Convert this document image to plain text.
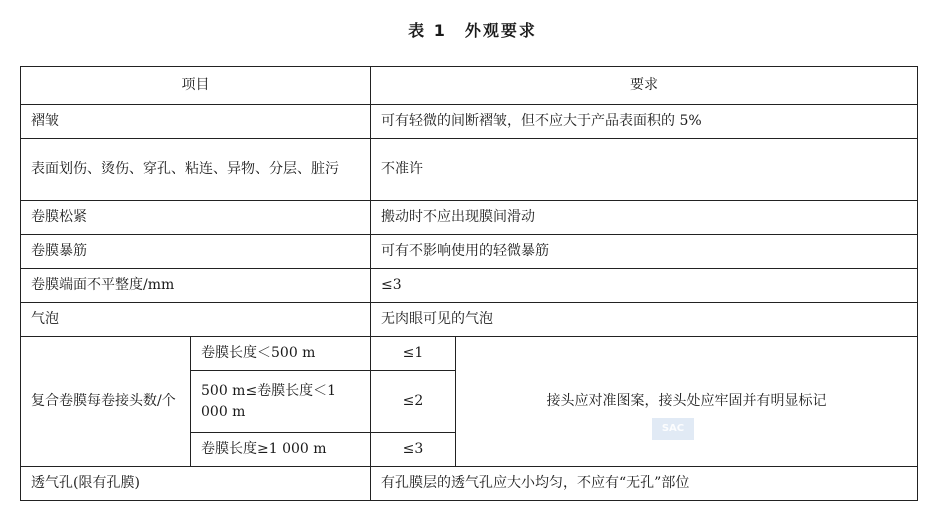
表 1　外观要求
项目		要求	
褶皱		可有轻微的间断褶皱，但不应大于产品表面积的 5%	
表面划伤、烫伤、穿孔、粘连、异物、分层、脏污		不准许	
卷膜松紧		搬动时不应出现膜间滑动	
卷膜暴筋		可有不影响使用的轻微暴筋	
卷膜端面不平整度/mm		≤3	
气泡		无肉眼可见的气泡	
复合卷膜每卷接头数/个	卷膜长度＜500 m	≤1	接头应对准图案，接头处应牢固并有明显标记
	500 m≤卷膜长度＜1 000 m	≤2	
	卷膜长度≥1 000 m	≤3	
透气孔(限有孔膜)		有孔膜层的透气孔应大小均匀，不应有“无孔”部位	
SAC
